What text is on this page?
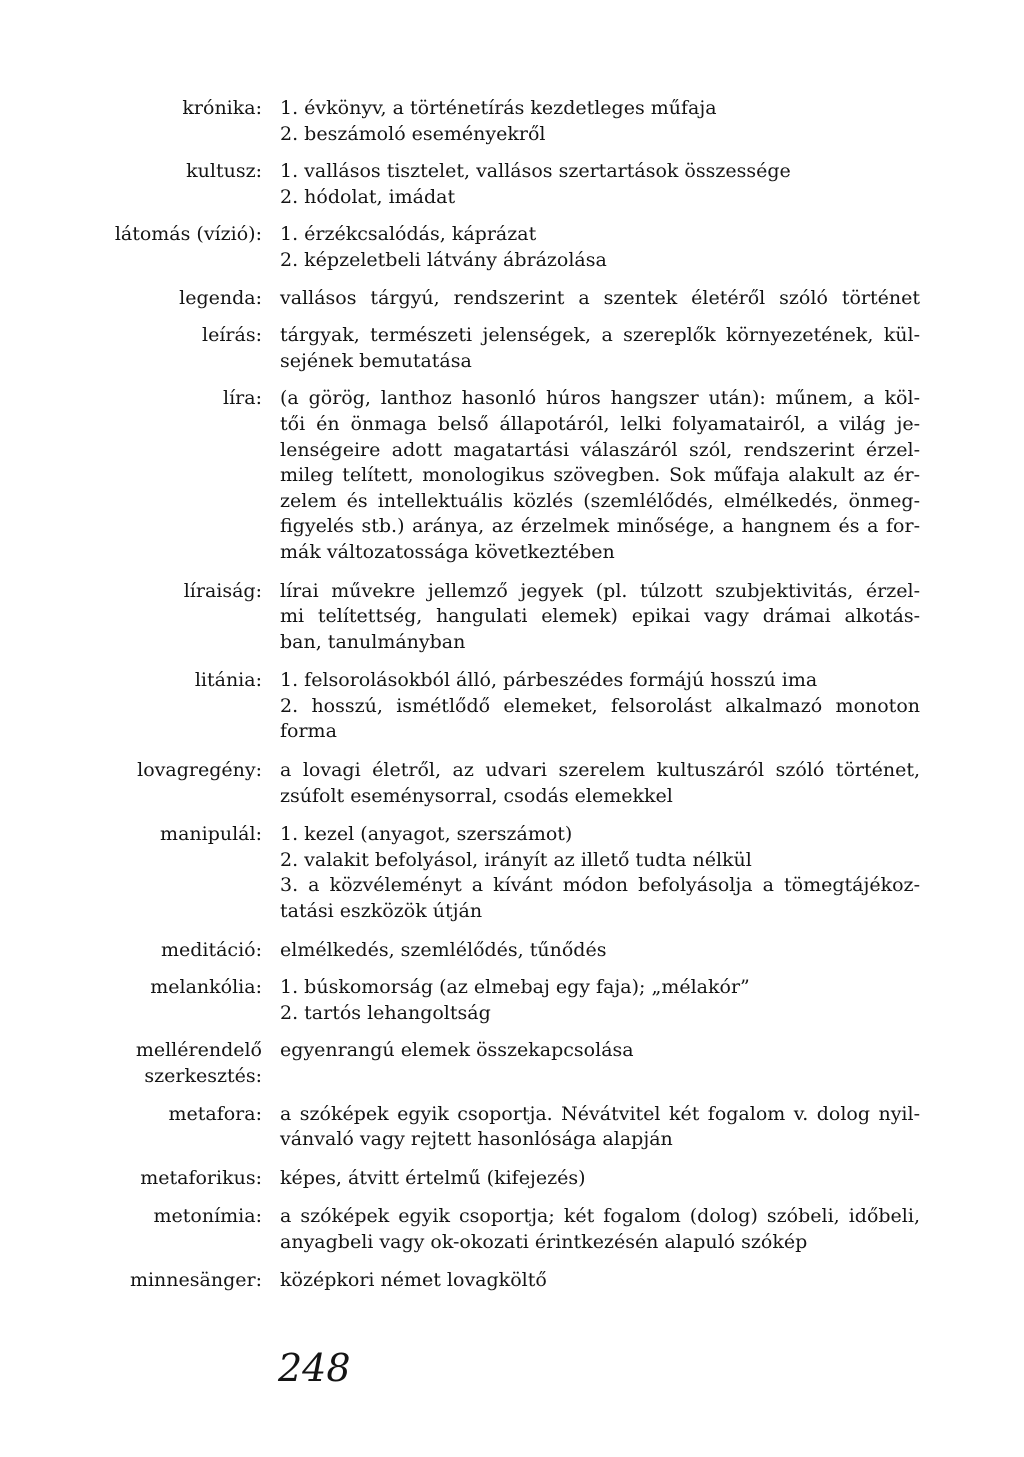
krónika: 1. évkönyv, a történetírás kezdetleges műfaja
2. beszámoló eseményekről
kultusz: 1. vallásos tisztelet, vallásos szertartások összessége
2. hódolat, imádat
látomás (vízió): 1. érzékcsalódás, káprázat
2. képzeletbeli látvány ábrázolása
legenda: vallásos tárgyú, rendszerint a szentek életéről szóló történet
leírás: tárgyak, természeti jelenségek, a szereplők környezetének, kül-
sejének bemutatása
líra: (a görög, lanthoz hasonló húros hangszer után): műnem, a köl-
tői én önmaga belső állapotáról, lelki folyamatairól, a világ je-
lenségeire adott magatartási válaszáról szól, rendszerint érzel-
mileg telített, monologikus szövegben. Sok műfaja alakult az ér-
zelem és intellektuális közlés (szemlélődés, elmélkedés, önmeg-
figyelés stb.) aránya, az érzelmek minősége, a hangnem és a for-
mák változatossága következtében
líraiság: lírai művekre jellemző jegyek (pl. túlzott szubjektivitás, érzel-
mi telítettség, hangulati elemek) epikai vagy drámai alkotás-
ban, tanulmányban
litánia: 1. felsorolásokból álló, párbeszédes formájú hosszú ima
2. hosszú, ismétlődő elemeket, felsorolást alkalmazó monoton
forma
lovagregény: a lovagi életről, az udvari szerelem kultuszáról szóló történet,
zsúfolt eseménysorral, csodás elemekkel
manipulál: 1. kezel (anyagot, szerszámot)
2. valakit befolyásol, irányít az illető tudta nélkül
3. a közvéleményt a kívánt módon befolyásolja a tömegtájékoz-
tatási eszközök útján
meditáció: elmélkedés, szemlélődés, tűnődés
melankólia: 1. búskomorság (az elmebaj egy faja); „mélakór”
2. tartós lehangoltság
mellérendelő
szerkesztés:
egyenrangú elemek összekapcsolása
metafora: a szóképek egyik csoportja. Névátvitel két fogalom v. dolog nyil-
vánvaló vagy rejtett hasonlósága alapján
metaforikus: képes, átvitt értelmű (kifejezés)
metonímia: a szóképek egyik csoportja; két fogalom (dolog) szóbeli, időbeli,
anyagbeli vagy ok-okozati érintkezésén alapuló szókép
minnesänger: középkori német lovagköltő
248
